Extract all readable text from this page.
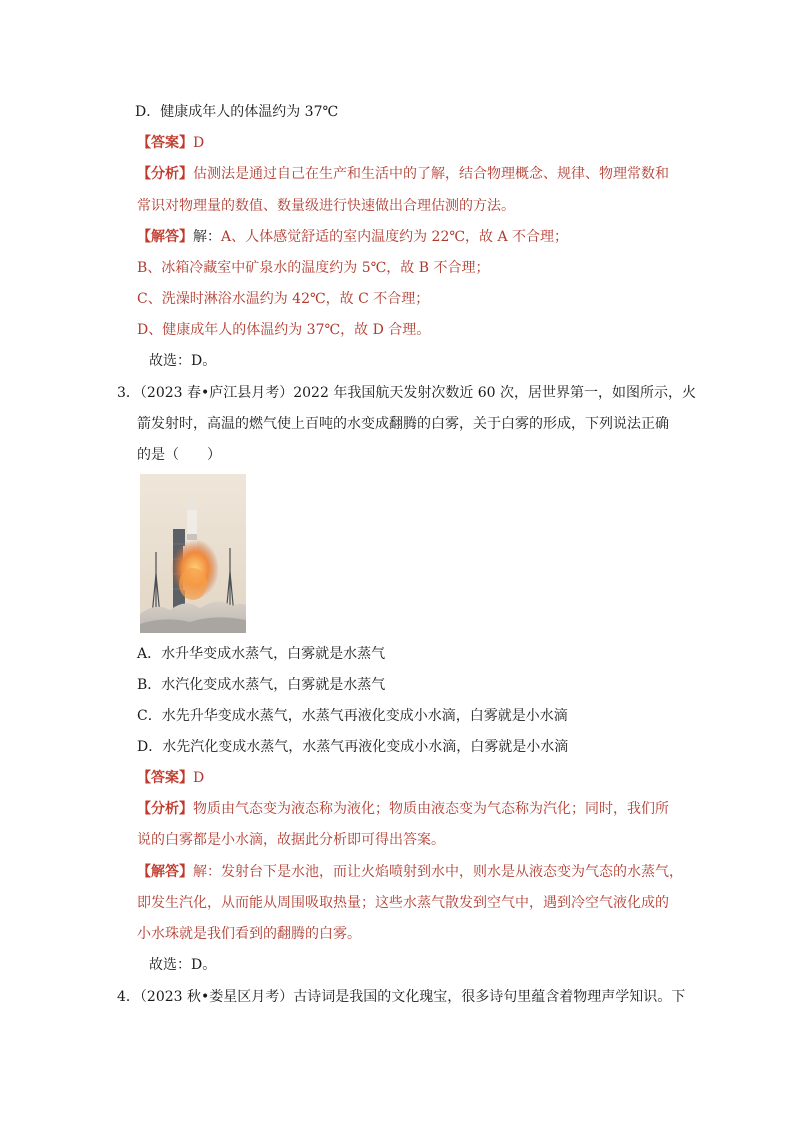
D．健康成年人的体温约为 37℃
【答案】D
【分析】估测法是通过自己在生产和生活中的了解，结合物理概念、规律、物理常数和
常识对物理量的数值、数量级进行快速做出合理估测的方法。
【解答】解：A、人体感觉舒适的室内温度约为 22℃，故 A 不合理；
B、冰箱冷藏室中矿泉水的温度约为 5℃，故 B 不合理；
C、洗澡时淋浴水温约为 42℃，故 C 不合理；
D、健康成年人的体温约为 37℃，故 D 合理。
故选：D。
3．（2023 春•庐江县月考）2022 年我国航天发射次数近 60 次，居世界第一，如图所示，火
箭发射时，高温的燃气使上百吨的水变成翻腾的白雾，关于白雾的形成，下列说法正确
的是（　　）
A．水升华变成水蒸气，白雾就是水蒸气
B．水汽化变成水蒸气，白雾就是水蒸气
C．水先升华变成水蒸气，水蒸气再液化变成小水滴，白雾就是小水滴
D．水先汽化变成水蒸气，水蒸气再液化变成小水滴，白雾就是小水滴
【答案】D
【分析】物质由气态变为液态称为液化；物质由液态变为气态称为汽化；同时，我们所
说的白雾都是小水滴，故据此分析即可得出答案。
【解答】解：发射台下是水池，而让火焰喷射到水中，则水是从液态变为气态的水蒸气，
即发生汽化，从而能从周围吸取热量；这些水蒸气散发到空气中，遇到冷空气液化成的
小水珠就是我们看到的翻腾的白雾。
故选：D。
4．（2023 秋•娄星区月考）古诗词是我国的文化瑰宝，很多诗句里蕴含着物理声学知识。下
